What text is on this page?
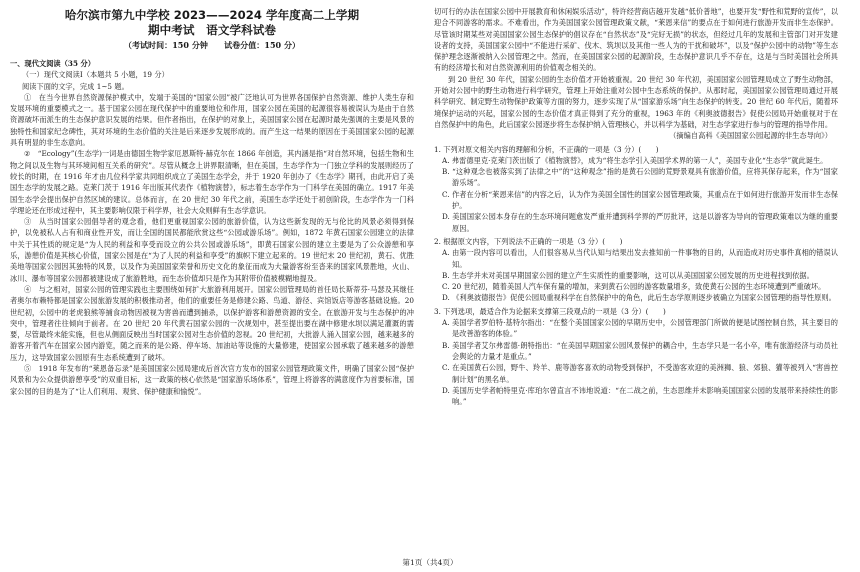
哈尔滨市第九中学校 2023——2024 学年度高二上学期
期中考试　语文学科试卷
（考试时间：150 分钟　　试卷分值：150 分）
一、现代文阅读（35 分）
（一）现代文阅读Ⅰ（本题共 5 小题，19 分）
阅读下面的文字，完成 1~5 题。

①　在当今世界自然资源保护模式中，发端于美国的“国家公园”被广泛地认可为世界各国保护自然资源、维护人类生存和发展环境的重要模式之一。基于国家公园在现代保护中的重要地位和作用，国家公园在美国的起源很容易被误认为是由于自然资源破坏而派生的生态保护意识发展的结果。但作者指出，在保护的对象上，美国国家公园在起源时最先强调的主要是风景的独特性和国家纪念碑性，其对环境的生态价值的关注是后来逐步发展形成的。而产生这一结果的原因在于美国国家公园的起源具有明显的非生态意向。

②　“Ecology”(生态学)一词是由德国生物学家厄恩斯特·赫克尔在 1866 年创造，其内涵是指“对自然环境，包括生物和生物之间以及生物与其环境间相互关系的研究”。尽管从概念上讲界限清晰，但在美国，生态学作为一门独立学科的发展则经历了较长的时期，在 1916 年才由几位科学家共同组织成立了美国生态学会，并于 1920 年创办了《生态学》期刊，由此开启了美国生态学的发展之路。克莱门茨于 1916 年出版其代表作《植物演替》，标志着生态学作为一门科学在美国的确立。1917 年美国生态学会提出保护自然区域的建议。总体而言，在 20 世纪 30 年代之前，美国生态学还处于初创阶段，生态学作为一门科学理论还在形成过程中，其主要影响仅限于科学界，社会大众则鲜有生态学意识。

③　从当时国家公园倡导者的观念看，他们更重视国家公园的旅游价值，认为这些新发现的无与伦比的风景必须得到保护，以免被私人占有和商业性开发，而让全国的国民都能欣赏这些“公园或游乐场”。例如，1872 年黄石国家公园建立的法律中关于其性质的规定是“为人民的利益和享受而设立的公共公园或游乐场”，即黄石国家公园的建立主要是为了公众游憩和享乐，游憩价值是其核心价值，国家公园是在“为了人民的利益和享受”的旗帜下建立起来的。19 世纪末 20 世纪初，黄石、优胜美地等国家公园因其独特的风景，以及作为美国国家荣誉和历史文化的象征而成为大量游客纷至沓来的国家风景胜地，火山、冰川、瀑布等国家公园都被建设成了旅游胜地，而生态价值却只是作为其附带价值被模糊地提及。

④　与之相对，国家公园的管理实践也主要围绕如何扩大旅游利用展开。国家公园管理局的首任局长斯蒂芬·马瑟及其继任者奥尔布赖特都是国家公园旅游发展的积极推动者，他们的重要任务是修建公路、鸟道、游径、宾馆饭店等游客基础设施。20 世纪初，公园中的老虎狼熊等捕食动物因被视为害兽而遭到捕杀，以保护游客和游憩资源的安全。在旅游开发与生态保护的冲突中，管理者往往倾向于前者。在 20 世纪 20 年代黄石国家公园的一次规划中，甚至提出要在湖中修建水坝以满足灌溉的需要，尽管最终未能实施，但也从侧面反映出当时国家公园对生态价值的忽视。20 世纪初，大批游人涌入国家公园，越来越多的游客开着汽车在国家公园内游览，随之而来的是公路、停车场、加油站等设施的大量修建，使国家公园承载了越来越多的游憩压力，这导致国家公园原有生态系统遭到了破坏。

⑤　1918 年发布的“莱恩备忘录”是美国国家公园局建成后首次官方发布的国家公园管理政策文件，明确了国家公园“保护风景和为公众提供游憩享受”的双重目标，这一政策的核心依然是“国家游乐场体系”，管理上将游客的满意度作为首要标准，国家公园的目的是为了“让人们利用、观赏、保护健康和愉悦”。

切可行的办法在国家公园中开展教育和休闲娱乐活动”，特许经营商店越开发越“低价普地”，也要开发“野性和荒野的宣传”，以迎合不同游客的需求。不难看出，作为美国国家公园管理政策文献，“莱恩来信”的要点在于如何进行旅游开发而非生态保护。尽管该时期某些对美国国家公园生态保护的倡议存在“自然状态”及“完好无损”的状态，但经过几年的发展和主管部门对开发建设者的支持，美国国家公园中“不能进行采矿、伐木、筑坝以及其他一些人为的干扰和破坏”，以及“保护公园中的动物”等生态保护理念逐渐被纳入公园管理之中。然而，在美国国家公园的起源阶段，生态保护意识几乎不存在，这是与当时美国社会所具有的经济增长和对自然资源利用的价值观念相关的。

到 20 世纪 30 年代，国家公园的生态价值才开始被重视。20 世纪 30 年代初，美国国家公园管理局成立了野生动物部，开始对公园中的野生动物进行科学研究，管理上开始注重对公园中生态系统的保护。从那时起，美国国家公园管理局通过开展科学研究、制定野生动物保护政策等方面的努力，逐步实现了从“国家游乐场”向生态保护的转变。20 世纪 60 年代后，随着环境保护运动的兴起，国家公园的生态价值才真正得到了充分的重视，1963 年的《利奥波德报告》促使公园局开始重视对于在自然保护中的角色，此后国家公园逐步将生态保护纳入管理核心，并以科学为基础，对生态学家进行参与的管理的指导作用。

（摘编自高科《美国国家公园起源的非生态导向》）
1. 下列对原文相关内容的理解和分析，不正确的一项是（3 分）(　　)
A. 弗雷德里克·克莱门茨出版了《植物演替》，成为“将生态学引入美国学术界的第一人”，美国专业化“生态学”就此诞生。
B. “这种观念也被落实到了法律之中”的“这种观念”指的是黄石公园的荒野景观具有旅游价值，应将其保存起来，作为“国家游乐场”。
C. 作者在分析“莱恩来信”的内容之后，认为作为美国全国性的国家公园管理政策，其重点在于如何进行旅游开发而非生态保护。
D. 美国国家公园本身存在的生态环境问题愈发严重并遭到科学界的严厉批评，这是以游客为导向的管理政策难以为继的重要原因。
2. 根据原文内容，下列说法不正确的一项是（3 分）(　　)
A. 由第一段内容可以看出，人们很容易从当代认知与结果出发去推知前一件事物的目的，从而造成对历史事件真相的错误认知。
B. 生态学并未对美国早期国家公园的建立产生实质性的重要影响，这可以从美国国家公园发展的历史进程找到依据。
C. 20 世纪初，随着美国人汽车保有量的增加，来到黄石公园的游客数量增多，致使黄石公园的生态环境遭到严重破坏。
D. 《利奥波德报告》促使公园局重视科学在自然保护中的角色，此后生态学原则逐步被确立为国家公园管理的指导性原则。
3. 下列选项，最适合作为论据来支撑第三段观点的一项是（3 分）(　　)
A. 美国学者罗伯特·基特尔指出：“在整个美国国家公园的早期历史中，公园管理部门所做的便是试图控制自然，其主要目的是改善游客的体验。”
B. 美国学者艾尔弗雷德·朗特指出：“在美国早期国家公园风景保护的耦合中，生态学只是一名小卒，唯有旅游经济与动员社会舆论的力量才是重点。”
C. 在美国黄石公园，野牛、羚羊、鹿等游客喜欢的动物受到保护，不受游客欢迎的美洲狮、狼、郊狼、獾等被列入“害兽控制计划”的黑名单。
D. 美国历史学者帕特里克·库珀尔曾直言不讳地说道：“在二战之前，生态思维并未影响美国国家公园的发展带来持续性的影响。”
第1页（共4页）
